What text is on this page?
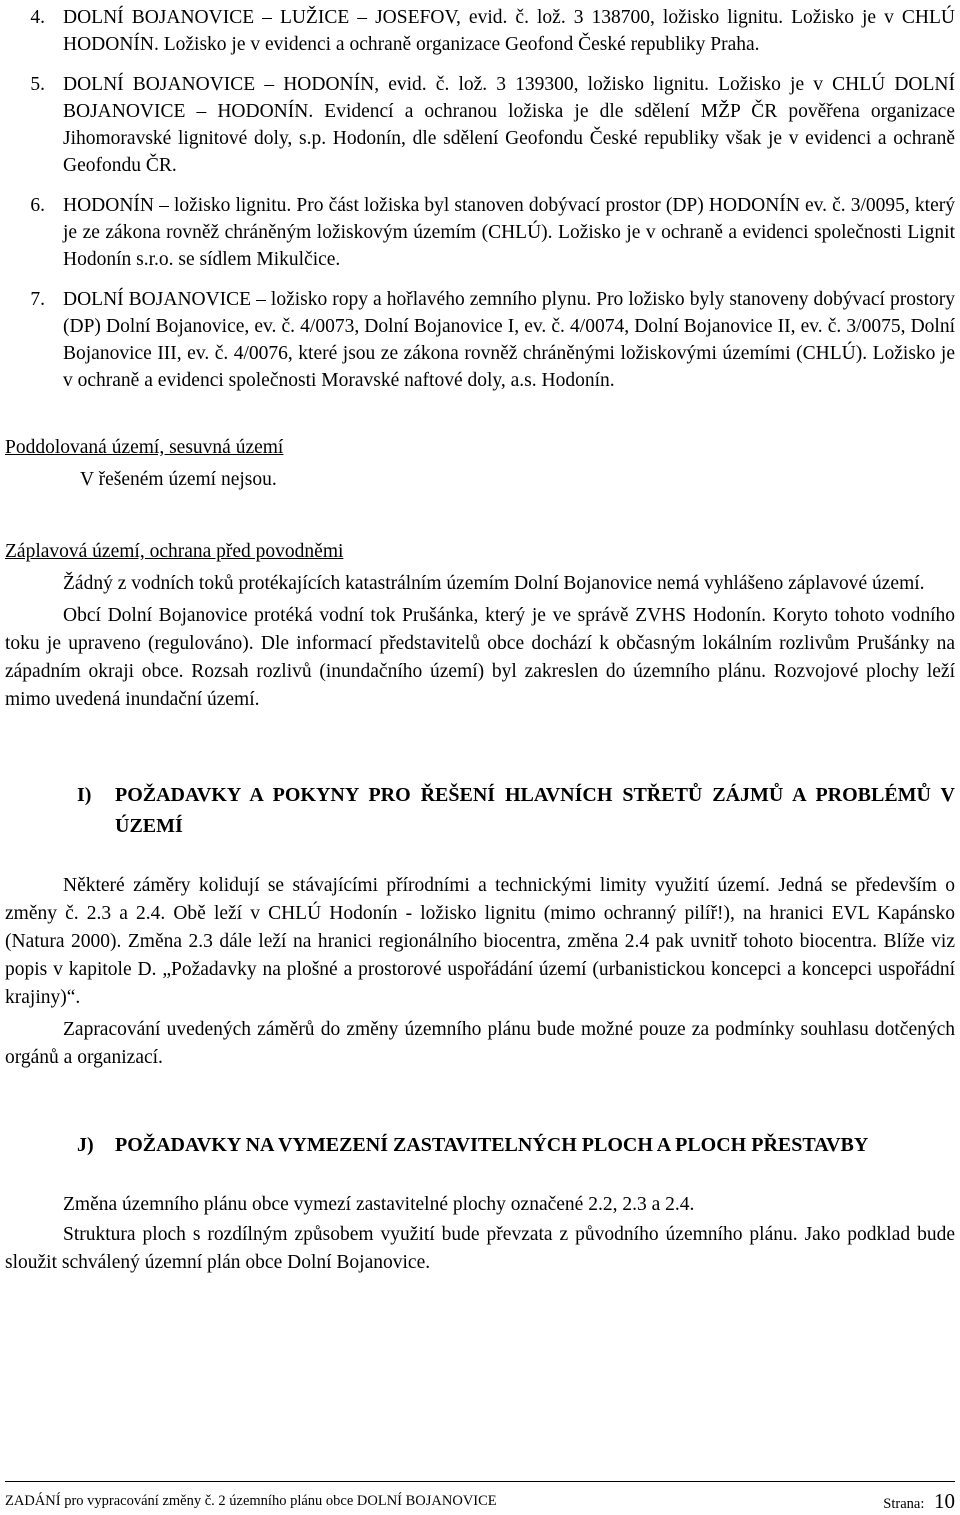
4. DOLNÍ BOJANOVICE – LUŽICE – JOSEFOV, evid. č. lož. 3 138700, ložisko lignitu. Ložisko je v CHLÚ HODONÍN. Ložisko je v evidenci a ochraně organizace Geofond České republiky Praha.
5. DOLNÍ BOJANOVICE – HODONÍN, evid. č. lož. 3 139300, ložisko lignitu. Ložisko je v CHLÚ DOLNÍ BOJANOVICE – HODONÍN. Evidencí a ochranou ložiska je dle sdělení MŽP ČR pověřena organizace Jihomoravské lignitové doly, s.p. Hodonín, dle sdělení Geofondu České republiky však je v evidenci a ochraně Geofondu ČR.
6. HODONÍN – ložisko lignitu. Pro část ložiska byl stanoven dobývací prostor (DP) HODONÍN ev. č. 3/0095, který je ze zákona rovněž chráněným ložiskovým územím (CHLÚ). Ložisko je v ochraně a evidenci společnosti Lignit Hodonín s.r.o. se sídlem Mikulčice.
7. DOLNÍ BOJANOVICE – ložisko ropy a hořlavého zemního plynu. Pro ložisko byly stanoveny dobývací prostory (DP) Dolní Bojanovice, ev. č. 4/0073, Dolní Bojanovice I, ev. č. 4/0074, Dolní Bojanovice II, ev. č. 3/0075, Dolní Bojanovice III, ev. č. 4/0076, které jsou ze zákona rovněž chráněnými ložiskovými územími (CHLÚ). Ložisko je v ochraně a evidenci společnosti Moravské naftové doly, a.s. Hodonín.

Poddolovaná území, sesuvná území

V řešeném území nejsou.

Záplavová území, ochrana před povodněmi

Žádný z vodních toků protékajících katastrálním územím Dolní Bojanovice nemá vyhlášeno záplavové území.

Obcí Dolní Bojanovice protéká vodní tok Prušánka, který je ve správě ZVHS Hodonín. Koryto tohoto vodního toku je upraveno (regulováno). Dle informací představitelů obce dochází k občasným lokálním rozlivům Prušánky na západním okraji obce. Rozsah rozlivů (inundačního území) byl zakreslen do územního plánu. Rozvojové plochy leží mimo uvedená inundační území.

I) POŽADAVKY A POKYNY PRO ŘEŠENÍ HLAVNÍCH STŘETŮ ZÁJMŮ A PROBLÉMŮ V ÚZEMÍ

Některé záměry kolidují se stávajícími přírodními a technickými limity využití území. Jedná se především o změny č. 2.3 a 2.4. Obě leží v CHLÚ Hodonín - ložisko lignitu (mimo ochranný pilíř!), na hranici EVL Kapánsko (Natura 2000). Změna 2.3 dále leží na hranici regionálního biocentra, změna 2.4 pak uvnitř tohoto biocentra. Blíže viz popis v kapitole D. „Požadavky na plošné a prostorové uspořádání území (urbanistickou koncepci a koncepci uspořádní krajiny)“.

Zapracování uvedených záměrů do změny územního plánu bude možné pouze za podmínky souhlasu dotčených orgánů a organizací.

J) POŽADAVKY NA VYMEZENÍ ZASTAVITELNÝCH PLOCH A PLOCH PŘESTAVBY

Změna územního plánu obce vymezí zastavitelné plochy označené 2.2, 2.3 a 2.4.

Struktura ploch s rozdílným způsobem využití bude převzata z původního územního plánu. Jako podklad bude sloužit schválený územní plán obce Dolní Bojanovice.

ZADÁNÍ pro vypracování změny č. 2 územního plánu obce DOLNÍ BOJANOVICE	Strana: 10
